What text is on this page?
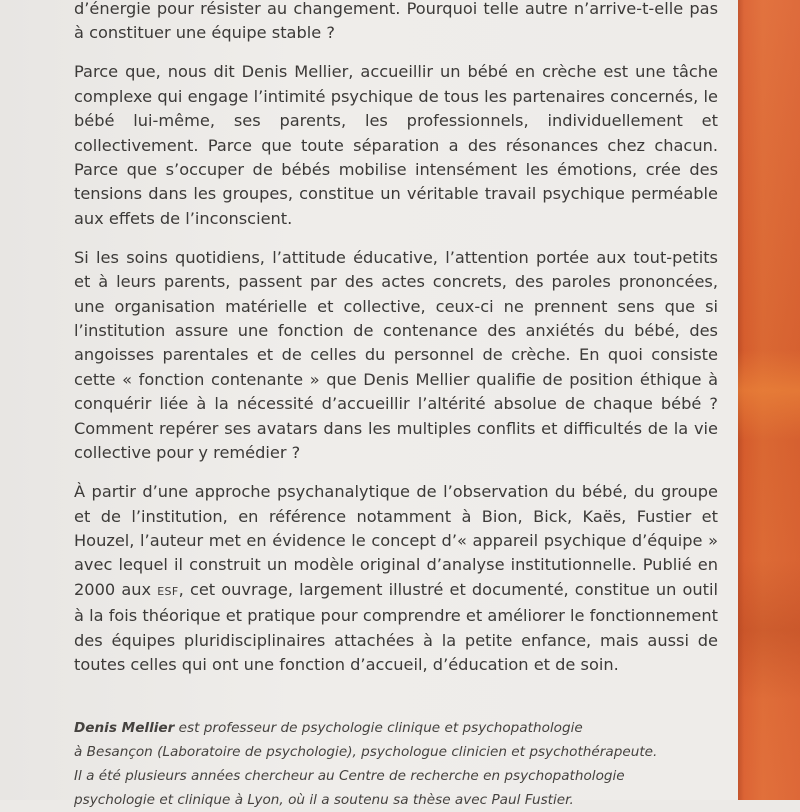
d’énergie pour résister au changement. Pourquoi telle autre n’arrive-t-elle pas à constituer une équipe stable ?

Parce que, nous dit Denis Mellier, accueillir un bébé en crèche est une tâche complexe qui engage l’intimité psychique de tous les partenaires concernés, le bébé lui-même, ses parents, les professionnels, individuellement et collectivement. Parce que toute séparation a des résonances chez chacun. Parce que s’occuper de bébés mobilise intensément les émotions, crée des tensions dans les groupes, constitue un véritable travail psychique perméable aux effets de l’inconscient.

Si les soins quotidiens, l’attitude éducative, l’attention portée aux tout-petits et à leurs parents, passent par des actes concrets, des paroles prononcées, une organisation matérielle et collective, ceux-ci ne prennent sens que si l’institution assure une fonction de contenance des anxiétés du bébé, des angoisses parentales et de celles du personnel de crèche. En quoi consiste cette « fonction contenante » que Denis Mellier qualifie de position éthique à conquérir liée à la nécessité d’accueillir l’altérité absolue de chaque bébé ? Comment repérer ses avatars dans les multiples conflits et difficultés de la vie collective pour y remédier ?

À partir d’une approche psychanalytique de l’observation du bébé, du groupe et de l’institution, en référence notamment à Bion, Bick, Kaës, Fustier et Houzel, l’auteur met en évidence le concept d’« appareil psychique d’équipe » avec lequel il construit un modèle original d’analyse institutionnelle. Publié en 2000 aux ESF, cet ouvrage, largement illustré et documenté, constitue un outil à la fois théorique et pratique pour comprendre et améliorer le fonctionnement des équipes pluridisciplinaires attachées à la petite enfance, mais aussi de toutes celles qui ont une fonction d’accueil, d’éducation et de soin.

Denis Mellier est professeur de psychologie clinique et psychopathologie
à Besançon (Laboratoire de psychologie), psychologue clinicien et psychothérapeute.
Il a été plusieurs années chercheur au Centre de recherche en psychopathologie
psychologie et clinique à Lyon, où il a soutenu sa thèse avec Paul Fustier.
